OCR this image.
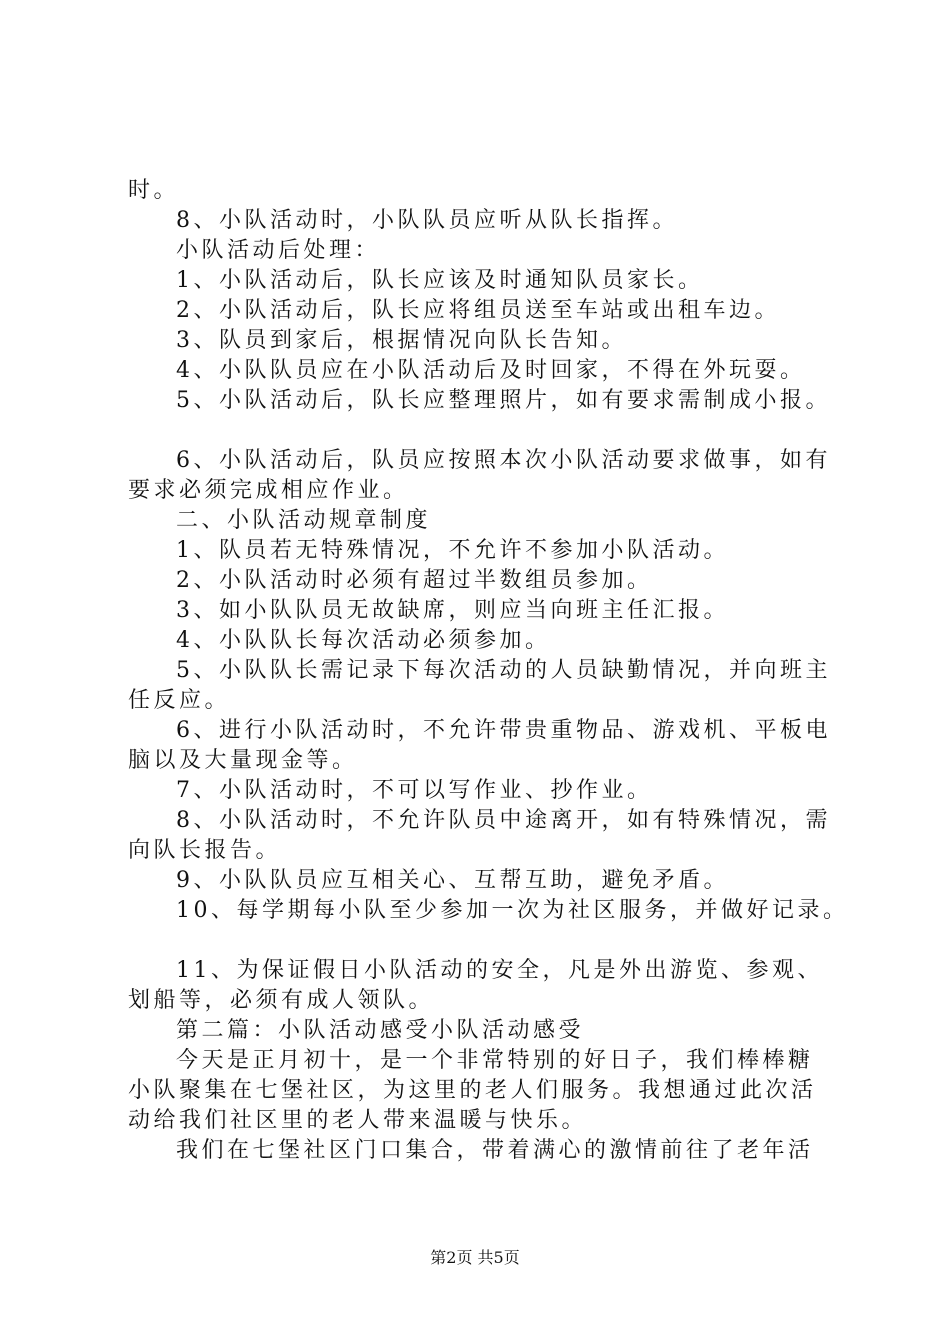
时。
8、小队活动时，小队队员应听从队长指挥。
小队活动后处理：
1、小队活动后，队长应该及时通知队员家长。
2、小队活动后，队长应将组员送至车站或出租车边。
3、队员到家后，根据情况向队长告知。
4、小队队员应在小队活动后及时回家，不得在外玩耍。
5、小队活动后，队长应整理照片，如有要求需制成小报。
6、小队活动后，队员应按照本次小队活动要求做事，如有
要求必须完成相应作业。
二、小队活动规章制度
1、队员若无特殊情况，不允许不参加小队活动。
2、小队活动时必须有超过半数组员参加。
3、如小队队员无故缺席，则应当向班主任汇报。
4、小队队长每次活动必须参加。
5、小队队长需记录下每次活动的人员缺勤情况，并向班主
任反应。
6、进行小队活动时，不允许带贵重物品、游戏机、平板电
脑以及大量现金等。
7、小队活动时，不可以写作业、抄作业。
8、小队活动时，不允许队员中途离开，如有特殊情况，需
向队长报告。
9、小队队员应互相关心、互帮互助，避免矛盾。
10、每学期每小队至少参加一次为社区服务，并做好记录。
11、为保证假日小队活动的安全，凡是外出游览、参观、
划船等，必须有成人领队。
第二篇：小队活动感受小队活动感受
今天是正月初十，是一个非常特别的好日子，我们棒棒糖
小队聚集在七堡社区，为这里的老人们服务。我想通过此次活
动给我们社区里的老人带来温暖与快乐。
我们在七堡社区门口集合，带着满心的激情前往了老年活
第2页 共5页
